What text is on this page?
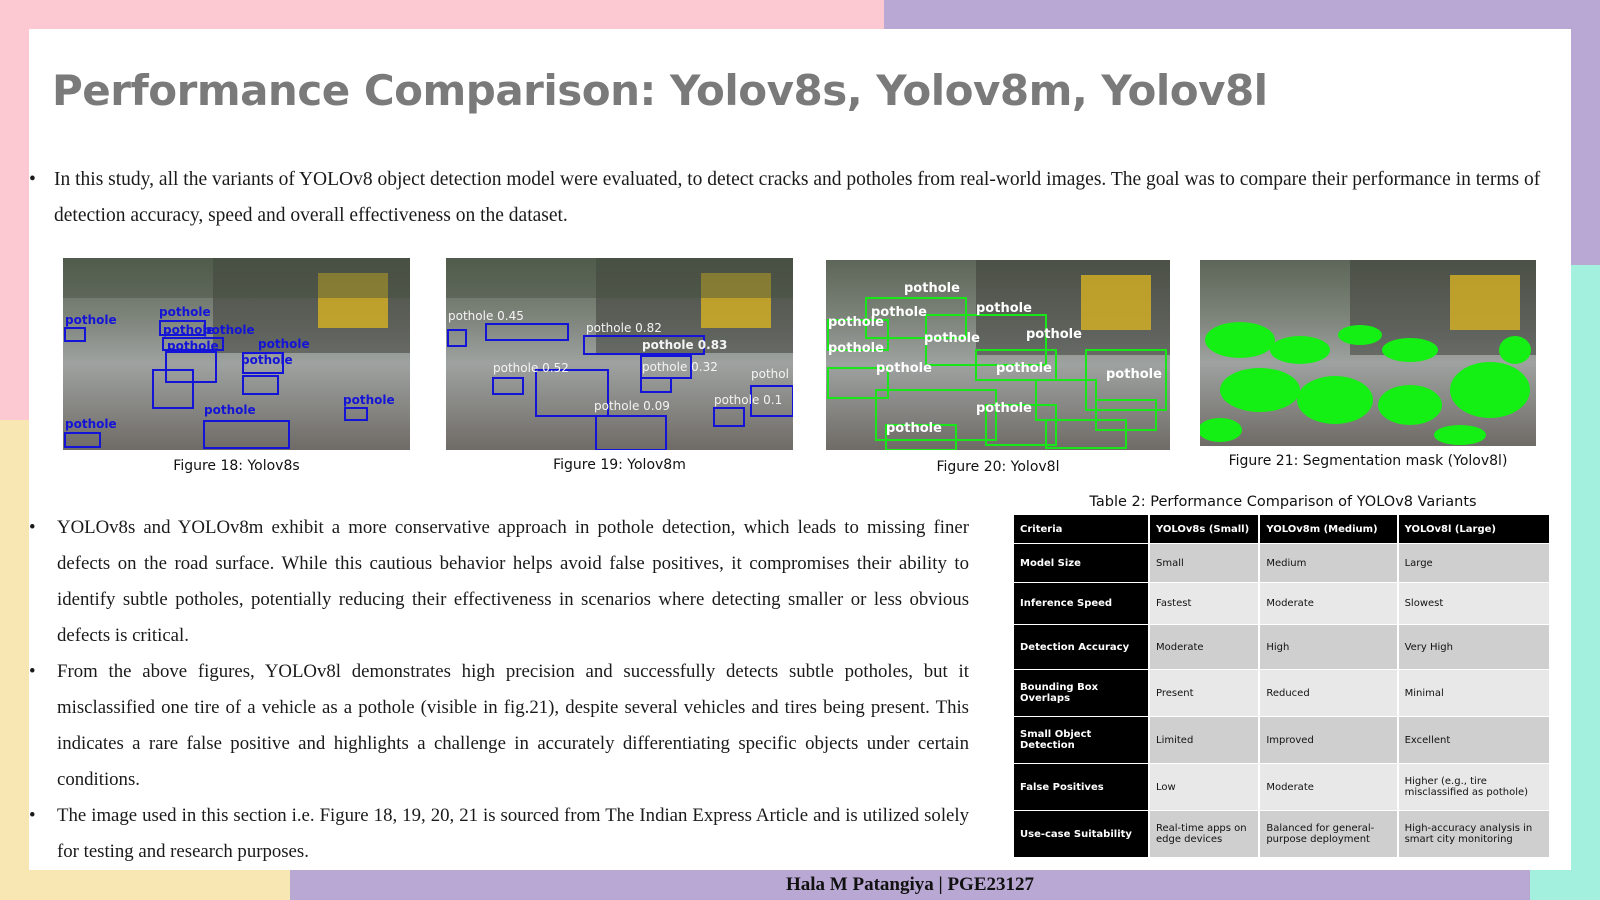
Performance Comparison: Yolov8s, Yolov8m, Yolov8l
• In this study, all the variants of YOLOv8 object detection model were evaluated, to detect cracks and potholes from real-world images. The goal was to compare their performance in terms of detection accuracy, speed and overall effectiveness on the dataset.
pothole
pothole
pothole
pothole
pothole	pothole
pothole
pothole
pothole
pothole
Figure 18: Yolov8s
pothole 0.45
pothole 0.82
pothole 0.83
pothole 0.32
pothole 0.52
pothole 0.09	pothole 0.1
pothol
Figure 19: Yolov8m
pothole
pothole	pothole
pothole
pothole	pothole
pothole
pothole	pothole	pothole
pothole
pothole
Figure 20: Yolov8l	Figure 21: Segmentation mask (Yolov8l)
• YOLOv8s and YOLOv8m exhibit a more conservative approach in pothole detection, which leads to missing finer defects on the road surface. While this cautious behavior helps avoid false positives, it compromises their ability to identify subtle potholes, potentially reducing their effectiveness in scenarios where detecting smaller or less obvious defects is critical.
• From the above figures, YOLOv8l demonstrates high precision and successfully detects subtle potholes, but it misclassified one tire of a vehicle as a pothole (visible in fig.21), despite several vehicles and tires being present. This indicates a rare false positive and highlights a challenge in accurately differentiating specific objects under certain conditions.
• The image used in this section i.e. Figure 18, 19, 20, 21 is sourced from The Indian Express Article and is utilized solely for testing and research purposes.
Table 2: Performance Comparison of YOLOv8 Variants
Criteria	YOLOv8s (Small)	YOLOv8m (Medium)	YOLOv8l (Large)
Model Size	Small	Medium	Large
Inference Speed	Fastest	Moderate	Slowest
Detection Accuracy	Moderate	High	Very High
Bounding Box Overlaps	Present	Reduced	Minimal
Small Object Detection	Limited	Improved	Excellent
False Positives	Low	Moderate	Higher (e.g., tire misclassified as pothole)
Use-case Suitability	Real-time apps on edge devices	Balanced for general-purpose deployment	High-accuracy analysis in smart city monitoring
Hala M Patangiya | PGE23127
